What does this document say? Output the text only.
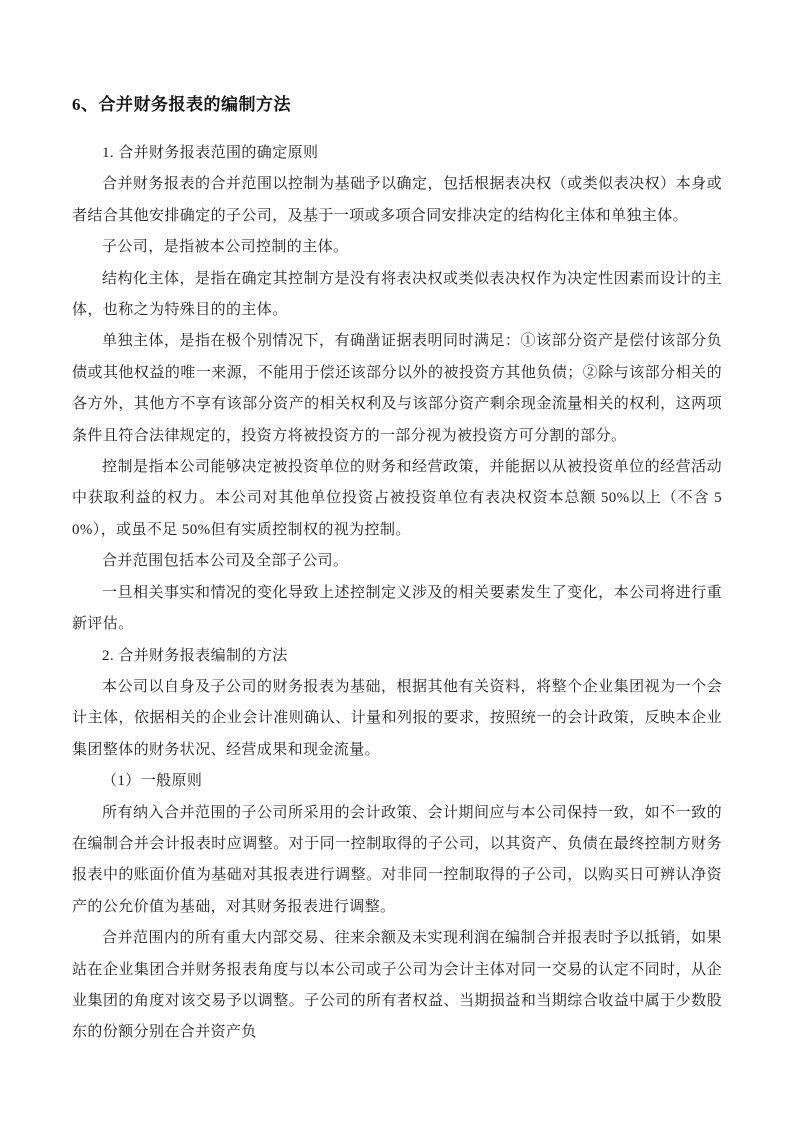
6、合并财务报表的编制方法

1. 合并财务报表范围的确定原则

合并财务报表的合并范围以控制为基础予以确定，包括根据表决权（或类似表决权）本身或者结合其他安排确定的子公司，及基于一项或多项合同安排决定的结构化主体和单独主体。

子公司，是指被本公司控制的主体。

结构化主体，是指在确定其控制方是没有将表决权或类似表决权作为决定性因素而设计的主体，也称之为特殊目的的主体。

单独主体，是指在极个别情况下，有确凿证据表明同时满足：①该部分资产是偿付该部分负债或其他权益的唯一来源，不能用于偿还该部分以外的被投资方其他负债；②除与该部分相关的各方外，其他方不享有该部分资产的相关权利及与该部分资产剩余现金流量相关的权利，这两项条件且符合法律规定的，投资方将被投资方的一部分视为被投资方可分割的部分。

控制是指本公司能够决定被投资单位的财务和经营政策，并能据以从被投资单位的经营活动中获取利益的权力。本公司对其他单位投资占被投资单位有表决权资本总额 50%以上（不含 50%），或虽不足 50%但有实质控制权的视为控制。

合并范围包括本公司及全部子公司。

一旦相关事实和情况的变化导致上述控制定义涉及的相关要素发生了变化，本公司将进行重新评估。

2. 合并财务报表编制的方法

本公司以自身及子公司的财务报表为基础，根据其他有关资料，将整个企业集团视为一个会计主体，依据相关的企业会计准则确认、计量和列报的要求，按照统一的会计政策，反映本企业集团整体的财务状况、经营成果和现金流量。

（1）一般原则

所有纳入合并范围的子公司所采用的会计政策、会计期间应与本公司保持一致，如不一致的在编制合并会计报表时应调整。对于同一控制取得的子公司，以其资产、负债在最终控制方财务报表中的账面价值为基础对其报表进行调整。对非同一控制取得的子公司，以购买日可辨认净资产的公允价值为基础，对其财务报表进行调整。

合并范围内的所有重大内部交易、往来余额及未实现利润在编制合并报表时予以抵销，如果站在企业集团合并财务报表角度与以本公司或子公司为会计主体对同一交易的认定不同时，从企业集团的角度对该交易予以调整。子公司的所有者权益、当期损益和当期综合收益中属于少数股东的份额分别在合并资产负
